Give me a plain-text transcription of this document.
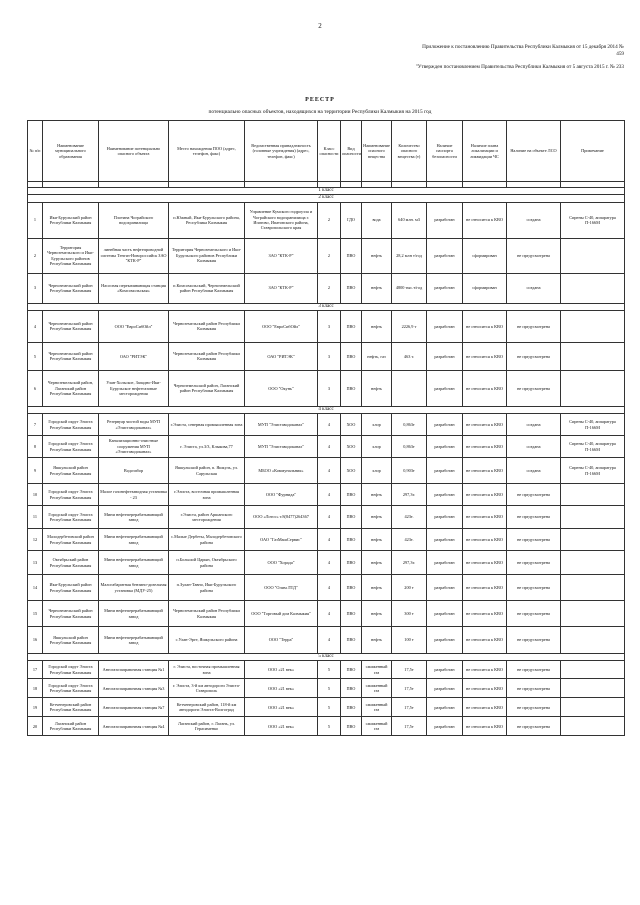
2

Приложение к постановлению Правительства Республики Калмыкия от 15 декабря 2014 № 459

"Утвержден постановлением Правительства Республики Калмыкия от 5 августа 2015 г. № 233

РЕЕСТР
потенциально опасных объектов, находящихся на территории Республики Калмыкия на 2015 год
№ п/п	Наименование муниципального образования	Наименование потенциально опасного объекта	Место нахождения ПОО (адрес, телефон, факс)	Ведомственная принадлежность (головные учреждения) (адрес, телефон, факс)	Класс опасности	Вид опасности	Наименование опасного вещества	Количество опасного вещества (т)	Наличие паспорта безопасности	Наличие плана локализации и ликвидации ЧС	Наличие на объекте ЛСО	Примечание

1 класс												
2 класс												
1	Ики-Бурульский район Республики Калмыкия	Плотина Чограйского водохранилища	п.Южный, Ики-Бурульского района, Республика Калмыкия	Управление Кумского гидроузла и Чограйского водохранилища г. Ипатово, Ипатовского района, Ставропольского края	2	ГДО	вода	640 млн. м3	разработан	не относится к КВО	создана	Сирены С-40, аппаратура П-166М
2	Территория Черноземельского и Ики-Бурульского районов Республики Калмыкия	линейная часть нефтепроводной системы Тенгиз-Новороссийск ЗАО "КТК-Р"	Территория Черноземельского и Ики-Бурульского районов Республики Калмыкия	ЗАО "КТК-Р"	2	ПВО	нефть	28,2 млн т/год	разработан	сформирован	не предусмотрена	
3	Черноземельский район Республики Калмыкия	Насосная перекачивающая станция «Комсомольская»	п.Комсомольский, Черноземельский район Республики Калмыкия	ЗАО "КТК-Р"	2	ПВО	нефть	4800 тыс.т/год	разработан	сформирован	создана	
3 класс												
4	Черноземельский район Республики Калмыкия	ООО "ЕвроСибОйл"	Черноземельский район Республики Калмыкия	ООО "ЕвроСибОйл"	3	ПВО	нефть	2226,9 т	разработан	не относится к КВО	не предусмотрена	
5	Черноземельский район Республики Калмыкия	ОАО "РИТЭК"	Черноземельский район Республики Калмыкия	ОАО "РИТЭК"	3	ПВО	нефть, газ	463 т.	разработан	не относится к КВО	не предусмотрена	
6	Черноземельский район, Лаганский район Республики Калмыкия	Улан-Хольское, Западно-Ики-Бурульское нефтегазовые месторождения	Черноземельский район, Лаганский район Республики Калмыкия	ООО "Окунь"	3	ПВО	нефть		разработан	не относится к КВО	не предусмотрена	
4 класс												
7	Городской округ Элиста Республики Калмыкия	Резервуар чистой воды МУП «Элиставодоканал»	г.Элиста, северная промышленная зона	МУП "Элиставодоканал"	4	ХОО	хлор	0,863т	разработан	не относится к КВО	создана	Сирены С-40, аппаратура П-166М
8	Городской округ Элиста Республики Калмыкия	Канализационно-очистные сооружения МУП «Элиставодоканал»	г. Элиста, ул.3/3, Клыкова,77	МУП "Элиставодоканал"	4	ХОО	хлор	0,863т	разработан	не относится к КВО	создана	Сирены С-40, аппаратура П-166М
9	Яшкульский район Республики Калмыкия	Водозабор	Яшкульский район, п. Яшкуль, ул. Сарульская	МБОО «Коммунальник»	4	ХОО	хлор	0,903т	разработан	не относится к КВО	создана	Сирены С-40, аппаратура П-166М
10	Городской округ Элиста Республики Калмыкия	Малое газонефтезаводная установка - 23	г.Элиста, восточная промышленная зона	ООО "Фурнида"	4	ПВО	нефть	297,3т.	разработан	не относится к КВО	не предусмотрена	
11	Городской округ Элиста Республики Калмыкия	Мини нефтеперерабатывающий завод	г.Элиста, район Аршанского месторождения	ООО «Лотос» т.8(8477)264367	4	ПВО	нефть	423т.	разработан	не относится к КВО	не предусмотрена	
12	Малодербетовский район Республики Калмыкия	Мини нефтеперерабатывающий завод	с.Малые Дербеты, Малодербетовского района	ОАО "ГазМашСервис"	4	ПВО	нефть	423т.	разработан	не относится к КВО	не предусмотрена	
13	Октябрьский район Республики Калмыкия	Мини нефтеперерабатывающий завод	п.Большой Царын, Октябрьского района	ООО "Хорада"	4	ПВО	нефть	297,3т.	разработан	не относится к КВО	не предусмотрена	
14	Ики-Бурульский район Республики Калмыкия	Малогабаритная бензино-дизельная установка (МДУ-25)	п.Зулан-Тавно, Ики-Бурульского района	ООО "Олим ЛТД"	4	ПВО	нефть	200 т	разработан	не относится к КВО	не предусмотрена	
15	Черноземельский район Республики Калмыкия	Мини нефтеперерабатывающий завод	Черноземельский район Республики Калмыкия	ООО "Торговый дом Калмыкия"	4	ПВО	нефть	300 т	разработан	не относится к КВО	не предусмотрена	
16	Яшкульский район Республики Калмыкия	Мини нефтеперерабатывающий завод	с.Улан-Эрге, Яшкульского района	ООО "Терра"	4	ПВО	нефть	100 т	разработан	не относится к КВО	не предусмотрена	
5 класс												
17	Городской округ Элиста Республики Калмыкия	Автогазозаправочная станция №1	г. Элиста, восточная промышленная зона	ООО «21 век»	5	ПВО	сжиженный газ	17,5т	разработан	не относится к КВО	не предусмотрена	
18	Городской округ Элиста Республики Калмыкия	Автогазозаправочная станция №3	г. Элиста, 3-й км автодороги Элиста-Ставрополь	ООО «21 век»	5	ПВО	сжиженный газ	17,5т	разработан	не относится к КВО	не предусмотрена	
19	Кетченеровский район Республики Калмыкия	Автогазозаправочная станция №7	Кетченеровский район, 118-й км автодороги Элиста-Волгоград	ООО «21 век»	5	ПВО	сжиженный газ	17,5т	разработан	не относится к КВО	не предусмотрена	
20	Лаганский район Республики Калмыкия	Автогазозаправочная станция №4	Лаганский район, г. Лагань, ул. Герасименко	ООО «21 век»	5	ПВО	сжиженный газ	17,5т	разработан	не относится к КВО	не предусмотрена	
